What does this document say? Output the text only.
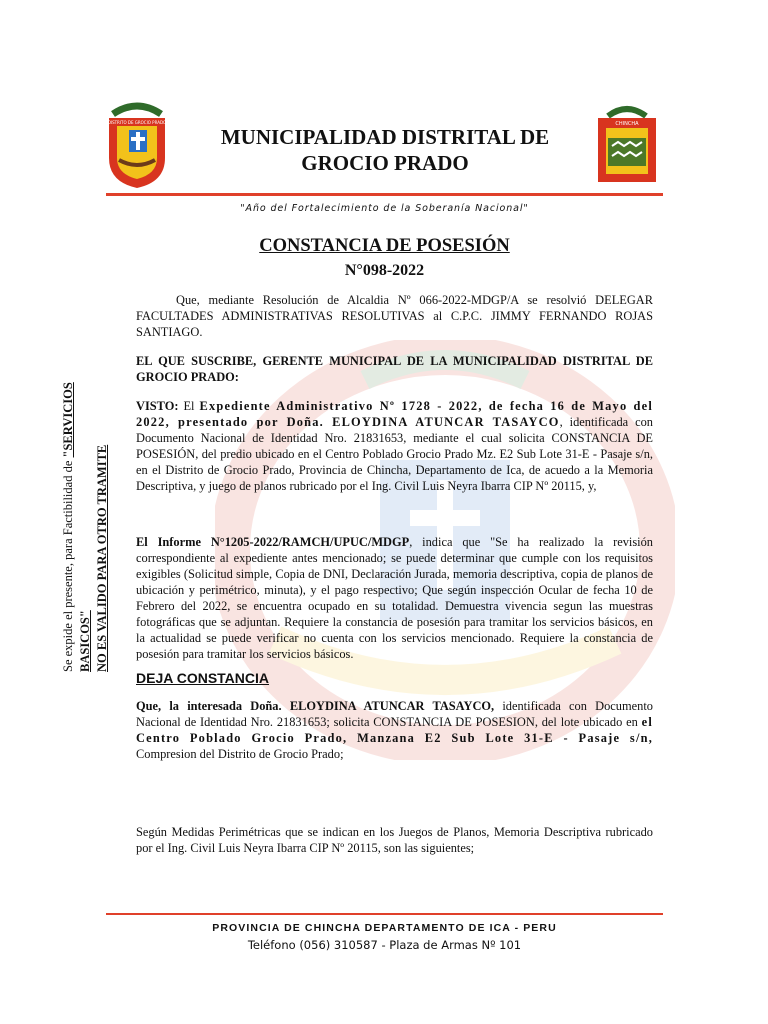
DISTRITO DE GROCIO PRADO	CHINCHA
MUNICIPALIDAD DISTRITAL DE
GROCIO PRADO
"Año del Fortalecimiento de la Soberanía Nacional"
CONSTANCIA DE POSESIÓN
N°098-2022
Que, mediante Resolución de Alcaldia Nº 066-2022-MDGP/A se resolvió DELEGAR FACULTADES ADMINISTRATIVAS RESOLUTIVAS al C.P.C. JIMMY FERNANDO ROJAS SANTIAGO.
EL QUE SUSCRIBE, GERENTE MUNICIPAL DE LA MUNICIPALIDAD DISTRITAL DE GROCIO PRADO:
VISTO: El Expediente Administrativo Nº 1728 - 2022, de fecha 16 de Mayo del 2022, presentado por Doña. ELOYDINA ATUNCAR TASAYCO, identificada con Documento Nacional de Identidad Nro. 21831653, mediante el cual solicita CONSTANCIA DE POSESIÓN, del predio ubicado en el Centro Poblado Grocio Prado Mz. E2 Sub Lote 31-E - Pasaje s/n, en el Distrito de Grocio Prado, Provincia de Chincha, Departamento de Ica, de acuedo a la Memoria Descriptiva, y juego de planos rubricado por el Ing. Civil Luis Neyra Ibarra CIP Nº 20115, y,
El Informe N°1205-2022/RAMCH/UPUC/MDGP, indica que "Se ha realizado la revisión correspondiente al expediente antes mencionado; se puede determinar que cumple con los requisitos exigibles (Solicitud simple, Copia de DNI, Declaración Jurada, memoria descriptiva, copia de planos de ubicación y perimétrico, minuta), y el pago respectivo; Que según inspección Ocular de fecha 10 de Febrero del 2022, se encuentra ocupado en su totalidad. Demuestra vivencia segun las muestras fotográficas que se adjuntan. Requiere la constancia de posesión para tramitar los servicios básicos, en la actualidad se puede verificar no cuenta con los servicios mencionado. Requiere la constancia de posesión para tramitar los servicios básicos.
DEJA CONSTANCIA
Que, la interesada Doña. ELOYDINA ATUNCAR TASAYCO, identificada con Documento Nacional de Identidad Nro. 21831653; solicita CONSTANCIA DE POSESION, del lote ubicado en el Centro Poblado Grocio Prado, Manzana E2 Sub Lote 31-E - Pasaje s/n, Compresion del Distrito de Grocio Prado;
Según Medidas Perimétricas que se indican en los Juegos de Planos, Memoria Descriptiva rubricado por el Ing. Civil Luis Neyra Ibarra CIP Nº 20115, son las siguientes;
Se expide el presente, para Factibilidad de "SERVICIOS BASICOS" NO ES VALIDO PARA OTRO TRAMITE
PROVINCIA DE CHINCHA DEPARTAMENTO DE ICA - PERU
Teléfono (056) 310587 - Plaza de Armas Nº 101
